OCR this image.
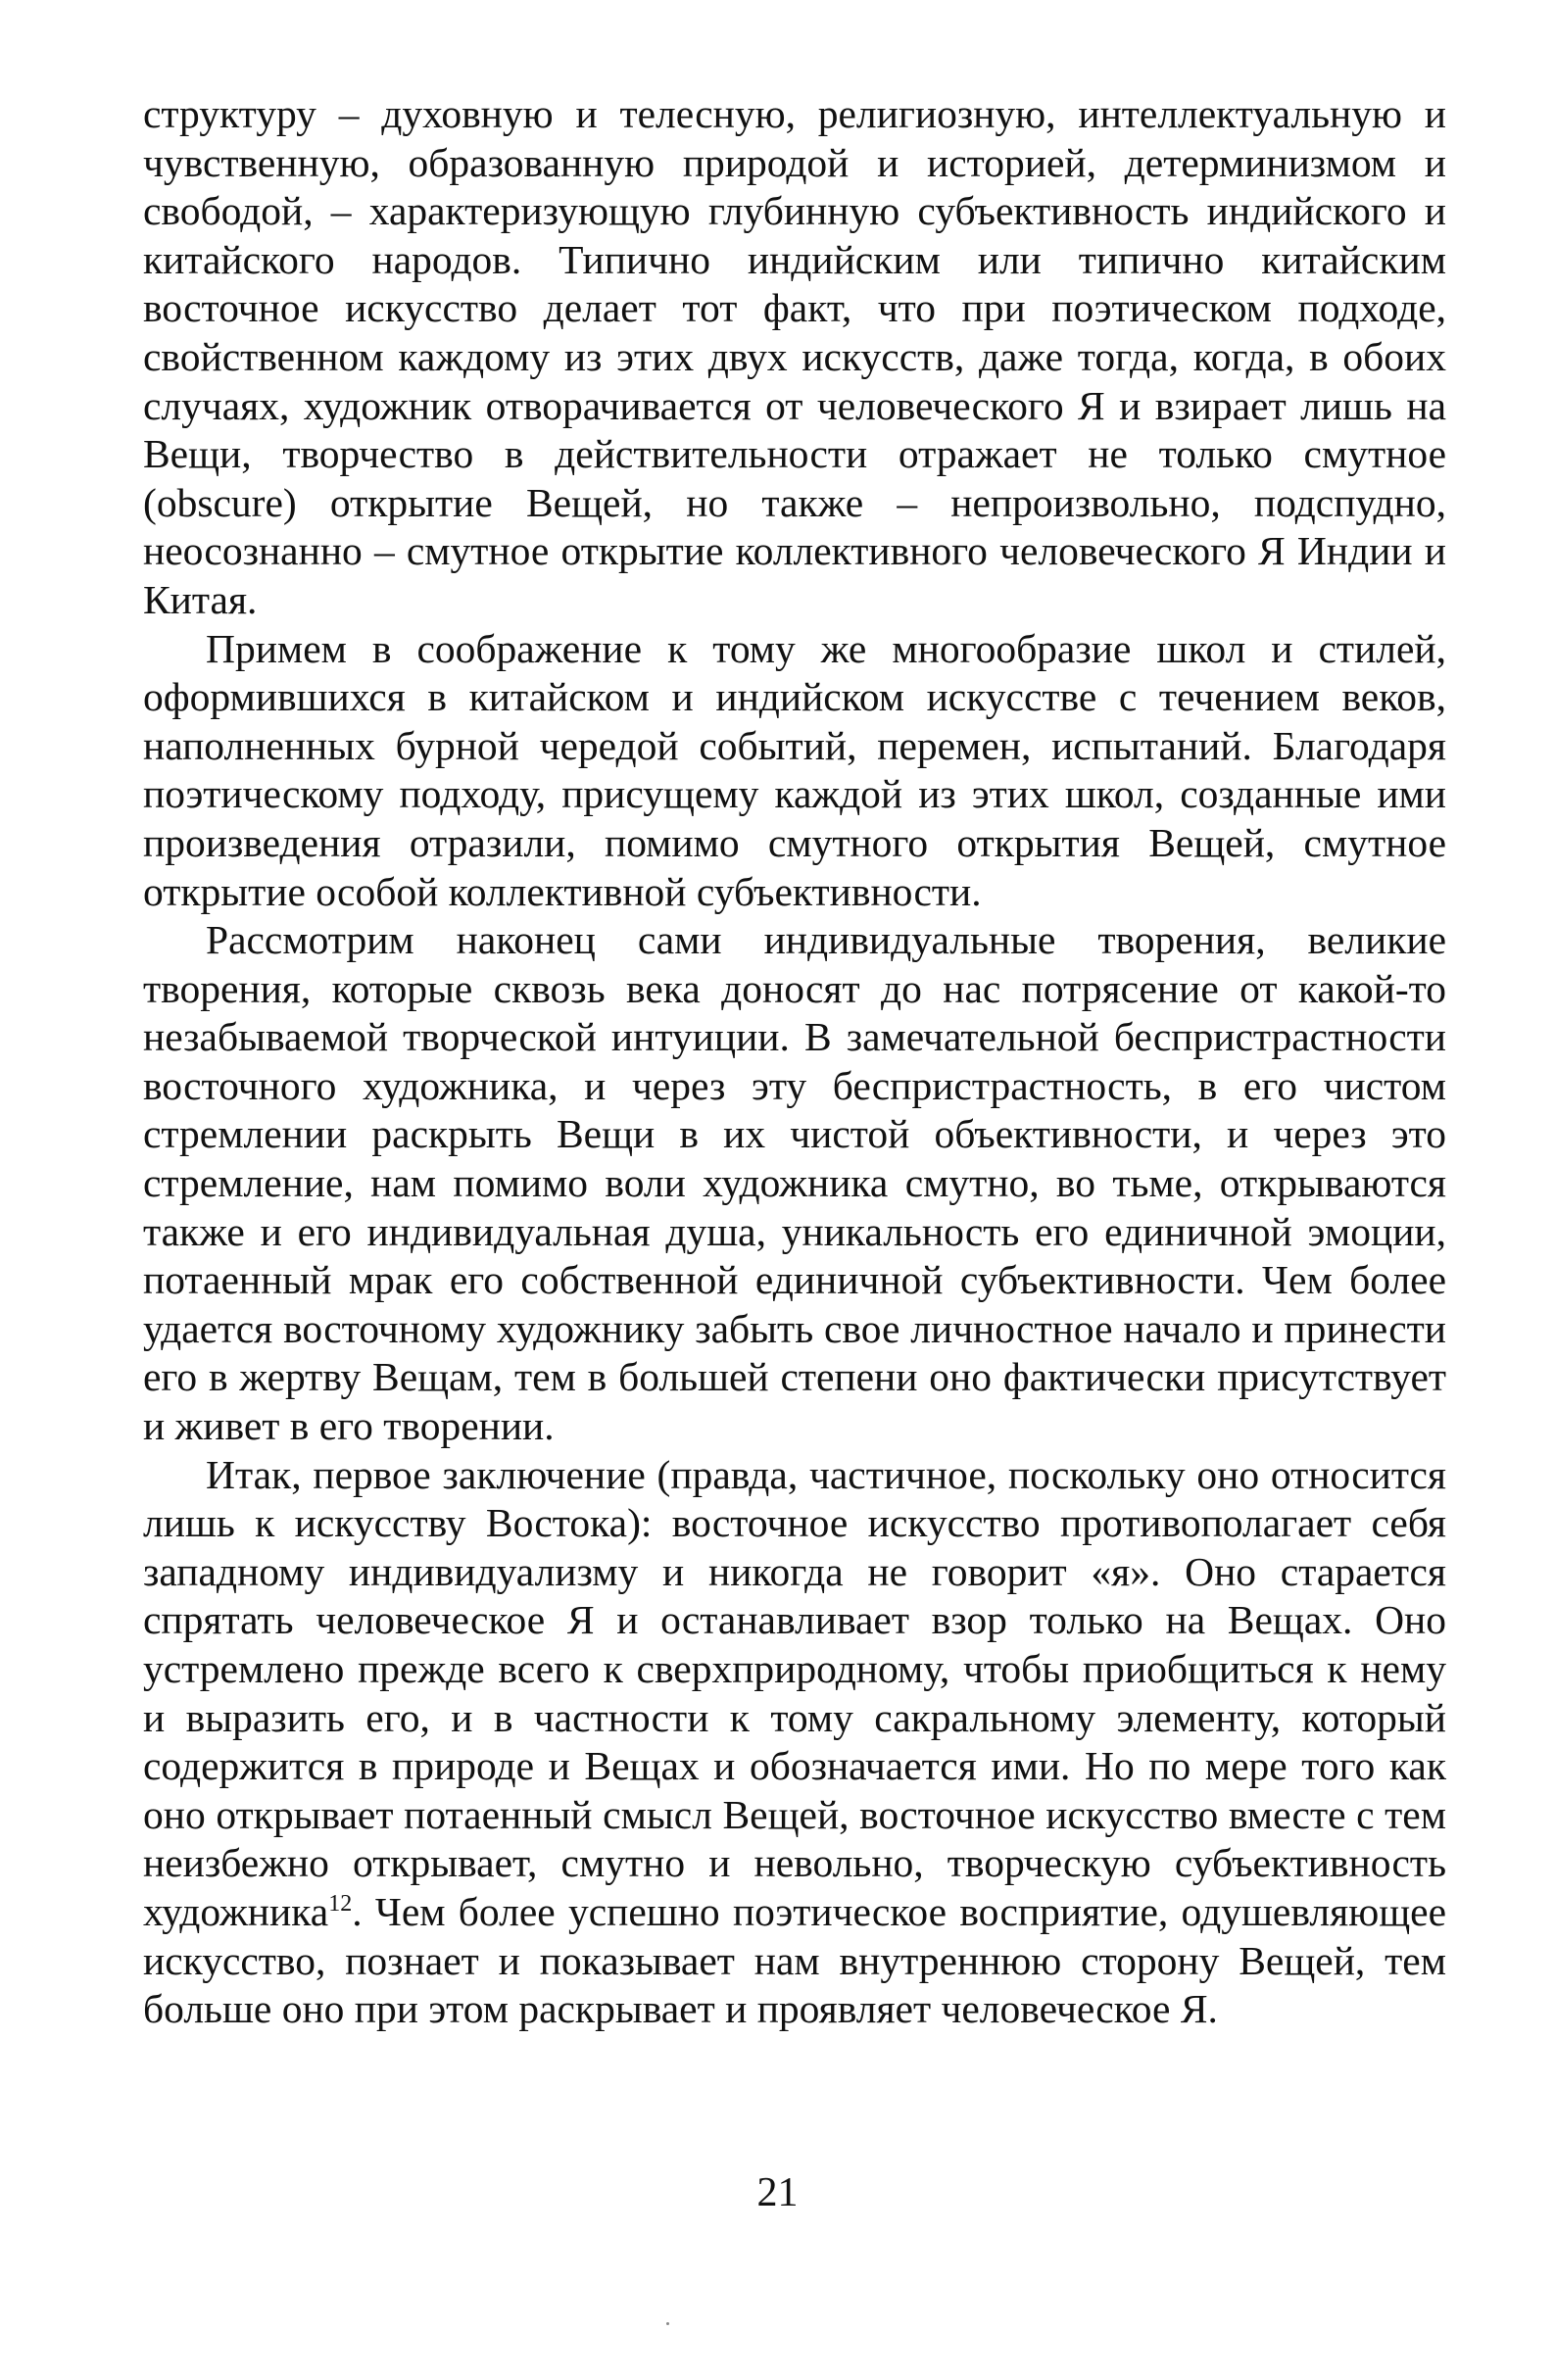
структуру – духовную и телесную, религиозную, интеллектуальную и чувственную, образованную природой и историей, детерминизмом и свободой, – характеризующую глубинную субъективность индийского и китайского народов. Типично индийским или типично китайским восточное искусство делает тот факт, что при поэтическом подходе, свойственном каждому из этих двух искусств, даже тогда, когда, в обоих случаях, художник отворачивается от человеческого Я и взирает лишь на Вещи, творчество в действительности отражает не только смутное (obscure) открытие Вещей, но также – непроизвольно, подспудно, неосознанно – смутное открытие коллективного человеческого Я Индии и Китая.

Примем в соображение к тому же многообразие школ и стилей, оформившихся в китайском и индийском искусстве с течением веков, наполненных бурной чередой событий, перемен, испытаний. Благодаря поэтическому подходу, присущему каждой из этих школ, созданные ими произведения отразили, помимо смутного открытия Вещей, смутное открытие особой коллективной субъективности.

Рассмотрим наконец сами индивидуальные творения, великие творения, которые сквозь века доносят до нас потрясение от какой-то незабываемой творческой интуиции. В замечательной беспристрастности восточного художника, и через эту беспристрастность, в его чистом стремлении раскрыть Вещи в их чистой объективности, и через это стремление, нам помимо воли художника смутно, во тьме, открываются также и его индивидуальная душа, уникальность его единичной эмоции, потаенный мрак его собственной единичной субъективности. Чем более удается восточному художнику забыть свое личностное начало и принести его в жертву Вещам, тем в большей степени оно фактически присутствует и живет в его творении.

Итак, первое заключение (правда, частичное, поскольку оно относится лишь к искусству Востока): восточное искусство противополагает себя западному индивидуализму и никогда не говорит «я». Оно старается спрятать человеческое Я и останавливает взор только на Вещах. Оно устремлено прежде всего к сверхприродному, чтобы приобщиться к нему и выразить его, и в частности к тому сакральному элементу, который содержится в природе и Вещах и обозначается ими. Но по мере того как оно открывает потаенный смысл Вещей, восточное искусство вместе с тем неизбежно открывает, смутно и невольно, творческую субъективность художника$^{12}$. Чем более успешно поэтическое восприятие, одушевляющее искусство, познает и показывает нам внутреннюю сторону Вещей, тем больше оно при этом раскрывает и проявляет человеческое Я.

21
